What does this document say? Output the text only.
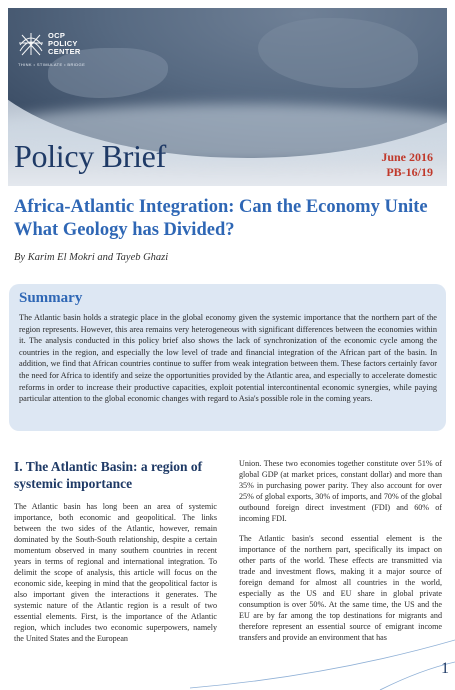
OCP
POLICY
CENTER
THINK • STIMULATE • BRIDGE
Policy Brief	June 2016
PB-16/19
Africa-Atlantic Integration: Can the Economy Unite What Geology has Divided?
By Karim El Mokri and Tayeb Ghazi
Summary
The Atlantic basin holds a strategic place in the global economy given the systemic importance that the northern part of the region represents. However, this area remains very heterogeneous with significant differences between the economies within it. The analysis conducted in this policy brief also shows the lack of synchronization of the economic cycle among the countries in the region, and especially the low level of trade and financial integration of the African part of the basin. In addition, we find that African countries continue to suffer from weak integration between them. These factors certainly favor the need for Africa to identify and seize the opportunities provided by the Atlantic area, and especially to accelerate domestic reforms in order to increase their productive capacities, exploit potential intercontinental economic synergies, while paying particular attention to the global economic changes with regard to Asia's possible role in the coming years.
I. The Atlantic Basin: a region of systemic importance

The Atlantic basin has long been an area of systemic importance, both economic and geopolitical. The links between the two sides of the Atlantic, however, remain dominated by the South-South relationship, despite a certain momentum observed in many southern countries in recent years in terms of regional and international integration. To delimit the scope of analysis, this article will focus on the economic side, keeping in mind that the geopolitical factor is also important given the interactions it generates. The systemic nature of the Atlantic region is a result of two essential elements. First, is the importance of the Atlantic region, which includes two economic superpowers, namely the United States and the European

Union. These two economies together constitute over 51% of global GDP (at market prices, constant dollar) and more than 35% in purchasing power parity. They also account for over 25% of global exports, 30% of imports, and 70% of the global outbound foreign direct investment (FDI) and 60% of incoming FDI.

The Atlantic basin's second essential element is the importance of the northern part, specifically its impact on other parts of the world. These effects are transmitted via trade and investment flows, making it a major source of foreign demand for almost all countries in the world, especially as the US and EU share in global private consumption is over 50%. At the same time, the US and the EU are by far among the top destinations for migrants and therefore represent an essential source of emigrant income transfers and provide an environment that has

1
